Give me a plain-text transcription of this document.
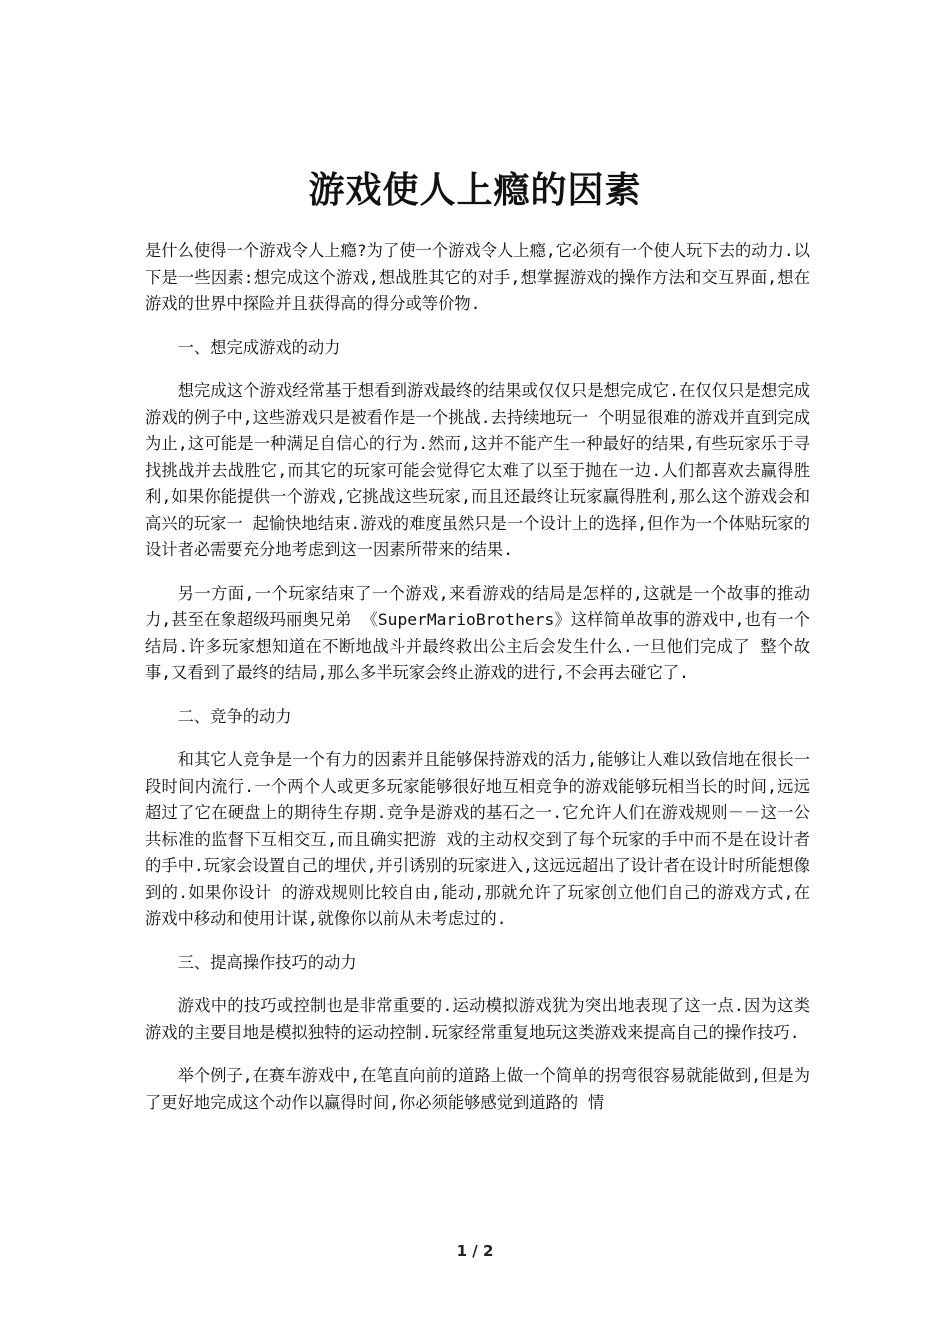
游戏使人上瘾的因素

是什么使得一个游戏令人上瘾?为了使一个游戏令人上瘾,它必须有一个使人玩下去的动力.以下是一些因素:想完成这个游戏,想战胜其它的对手,想掌握游戏的操作方法和交互界面,想在游戏的世界中探险并且获得高的得分或等价物.

一、想完成游戏的动力

想完成这个游戏经常基于想看到游戏最终的结果或仅仅只是想完成它.在仅仅只是想完成游戏的例子中,这些游戏只是被看作是一个挑战.去持续地玩一 个明显很难的游戏并直到完成为止,这可能是一种满足自信心的行为.然而,这并不能产生一种最好的结果,有些玩家乐于寻找挑战并去战胜它,而其它的玩家可能会觉得它太难了以至于抛在一边.人们都喜欢去赢得胜利,如果你能提供一个游戏,它挑战这些玩家,而且还最终让玩家赢得胜利,那么这个游戏会和高兴的玩家一 起愉快地结束.游戏的难度虽然只是一个设计上的选择,但作为一个体贴玩家的设计者必需要充分地考虑到这一因素所带来的结果.

另一方面,一个玩家结束了一个游戏,来看游戏的结局是怎样的,这就是一个故事的推动力,甚至在象超级玛丽奥兄弟 《SuperMarioBrothers》这样简单故事的游戏中,也有一个结局.许多玩家想知道在不断地战斗并最终救出公主后会发生什么.一旦他们完成了 整个故事,又看到了最终的结局,那么多半玩家会终止游戏的进行,不会再去碰它了.

二、竞争的动力

和其它人竞争是一个有力的因素并且能够保持游戏的活力,能够让人难以致信地在很长一段时间内流行.一个两个人或更多玩家能够很好地互相竞争的游戏能够玩相当长的时间,远远超过了它在硬盘上的期待生存期.竞争是游戏的基石之一.它允许人们在游戏规则－－这一公共标准的监督下互相交互,而且确实把游 戏的主动权交到了每个玩家的手中而不是在设计者的手中.玩家会设置自己的埋伏,并引诱别的玩家进入,这远远超出了设计者在设计时所能想像到的.如果你设计 的游戏规则比较自由,能动,那就允许了玩家创立他们自己的游戏方式,在游戏中移动和使用计谋,就像你以前从未考虑过的.

三、提高操作技巧的动力

游戏中的技巧或控制也是非常重要的.运动模拟游戏犹为突出地表现了这一点.因为这类游戏的主要目地是模拟独特的运动控制.玩家经常重复地玩这类游戏来提高自己的操作技巧.

举个例子,在赛车游戏中,在笔直向前的道路上做一个简单的拐弯很容易就能做到,但是为了更好地完成这个动作以赢得时间,你必须能够感觉到道路的 情

1 / 2
